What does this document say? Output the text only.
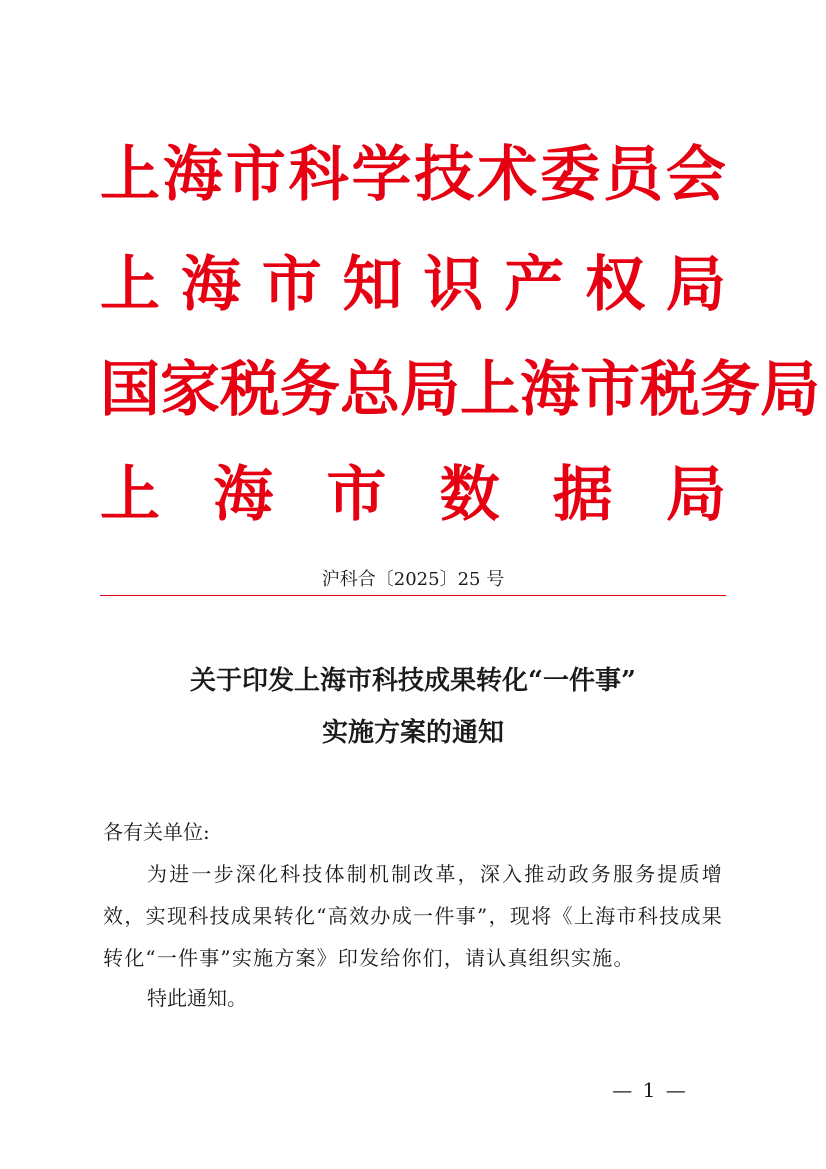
上 海 市 科 学 技 术 委 员 会
上 海 市 知 识 产 权 局
国 家 税 务 总 局 上 海 市 税 务 局
上 海 市 数 据 局
沪科合〔2025〕25 号
关于印发上海市科技成果转化“一件事”
实施方案的通知
各有关单位:
为进一步深化科技体制机制改革，深入推动政务服务提质增效，实现科技成果转化“高效办成一件事”，现将《上海市科技成果转化“一件事”实施方案》印发给你们，请认真组织实施。
特此通知。
— 1 —
